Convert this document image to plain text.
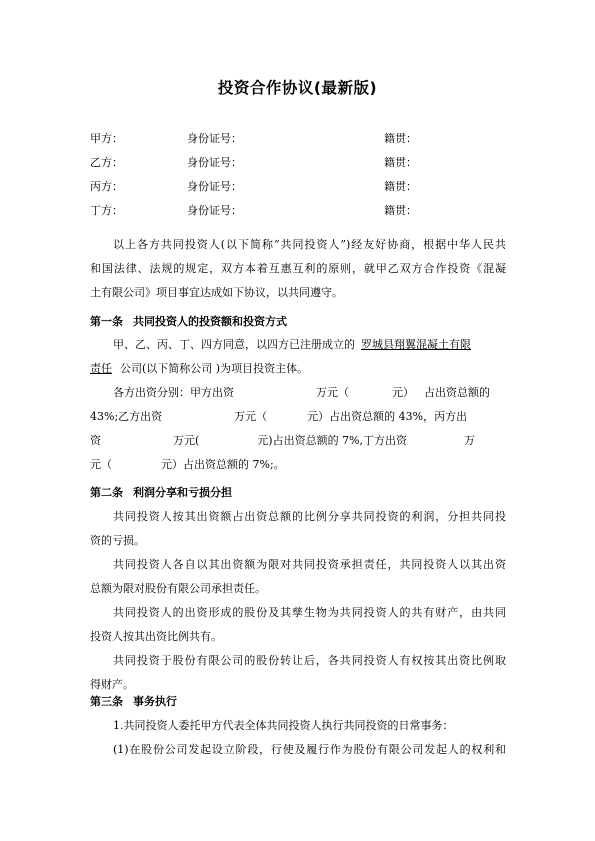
投资合作协议(最新版)
甲方：	身份证号：	籍贯：
乙方：	身份证号：	籍贯：
丙方：	身份证号：	籍贯：
丁方：	身份证号：	籍贯：
以上各方共同投资人(以下简称“共同投资人”)经友好协商，根据中华人民共
和国法律、法规的规定，双方本着互惠互利的原则，就甲乙双方合作投资《混凝
土有限公司》项目事宜达成如下协议，以共同遵守。
第一条 共同投资人的投资额和投资方式
甲、乙、丙、丁、四方同意，以四方已注册成立的 罗城县翔翼混凝土有限
责任 公司(以下简称公司 )为项目投资主体。
各方出资分别：甲方出资	万元（	元） 占出资总额的
43%;乙方出资	万元（	元）占出资总额的 43%，丙方出
资	万元(	元)占出资总额的 7%,丁方出资	万
元（	元）占出资总额的 7%;。
第二条 利润分享和亏损分担
共同投资人按其出资额占出资总额的比例分享共同投资的利润，分担共同投
资的亏损。
共同投资人各自以其出资额为限对共同投资承担责任，共同投资人以其出资
总额为限对股份有限公司承担责任。
共同投资人的出资形成的股份及其孳生物为共同投资人的共有财产，由共同
投资人按其出资比例共有。
共同投资于股份有限公司的股份转让后，各共同投资人有权按其出资比例取
得财产。
第三条 事务执行
1.共同投资人委托甲方代表全体共同投资人执行共同投资的日常事务：
(1)在股份公司发起设立阶段，行使及履行作为股份有限公司发起人的权利和
